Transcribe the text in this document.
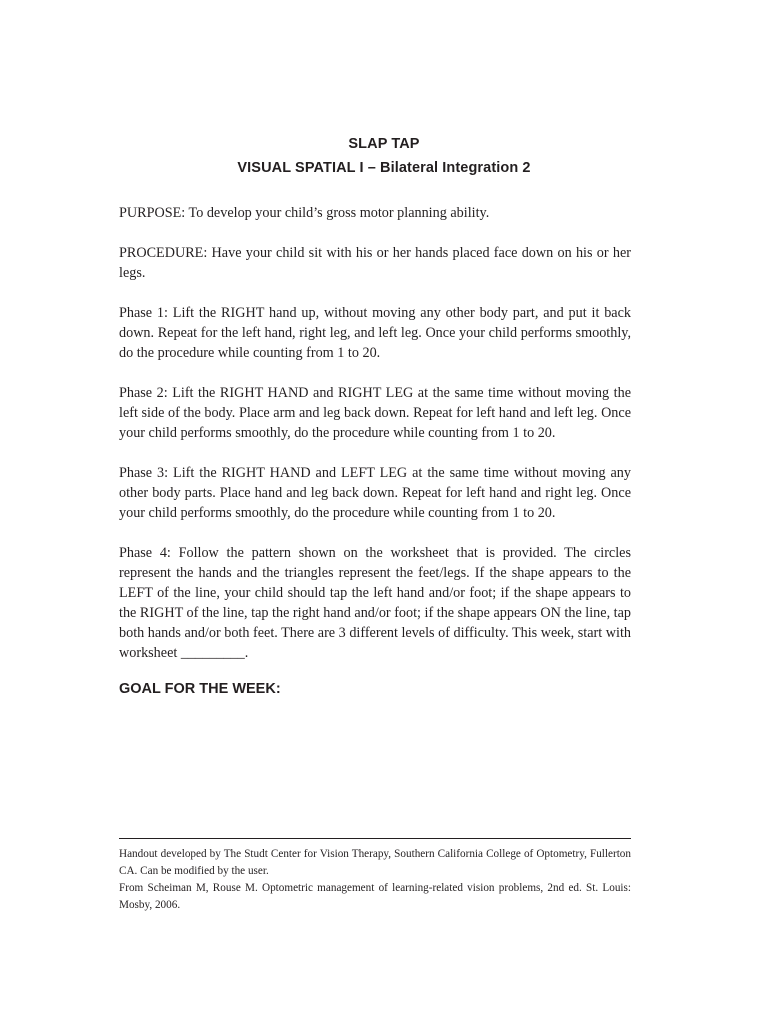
SLAP TAP
VISUAL SPATIAL I – Bilateral Integration 2

PURPOSE: To develop your child’s gross motor planning ability.

PROCEDURE: Have your child sit with his or her hands placed face down on his or her legs.

Phase 1: Lift the RIGHT hand up, without moving any other body part, and put it back down. Repeat for the left hand, right leg, and left leg. Once your child performs smoothly, do the procedure while counting from 1 to 20.

Phase 2: Lift the RIGHT HAND and RIGHT LEG at the same time without moving the left side of the body. Place arm and leg back down. Repeat for left hand and left leg. Once your child performs smoothly, do the procedure while counting from 1 to 20.

Phase 3: Lift the RIGHT HAND and LEFT LEG at the same time without moving any other body parts. Place hand and leg back down. Repeat for left hand and right leg. Once your child performs smoothly, do the procedure while counting from 1 to 20.

Phase 4: Follow the pattern shown on the worksheet that is provided. The circles represent the hands and the triangles represent the feet/legs. If the shape appears to the LEFT of the line, your child should tap the left hand and/or foot; if the shape appears to the RIGHT of the line, tap the right hand and/or foot; if the shape appears ON the line, tap both hands and/or both feet. There are 3 different levels of difficulty. This week, start with worksheet _________.

GOAL FOR THE WEEK:

Handout developed by The Studt Center for Vision Therapy, Southern California College of Optometry, Fullerton CA. Can be modified by the user.

From Scheiman M, Rouse M. Optometric management of learning-related vision problems, 2nd ed. St. Louis: Mosby, 2006.
